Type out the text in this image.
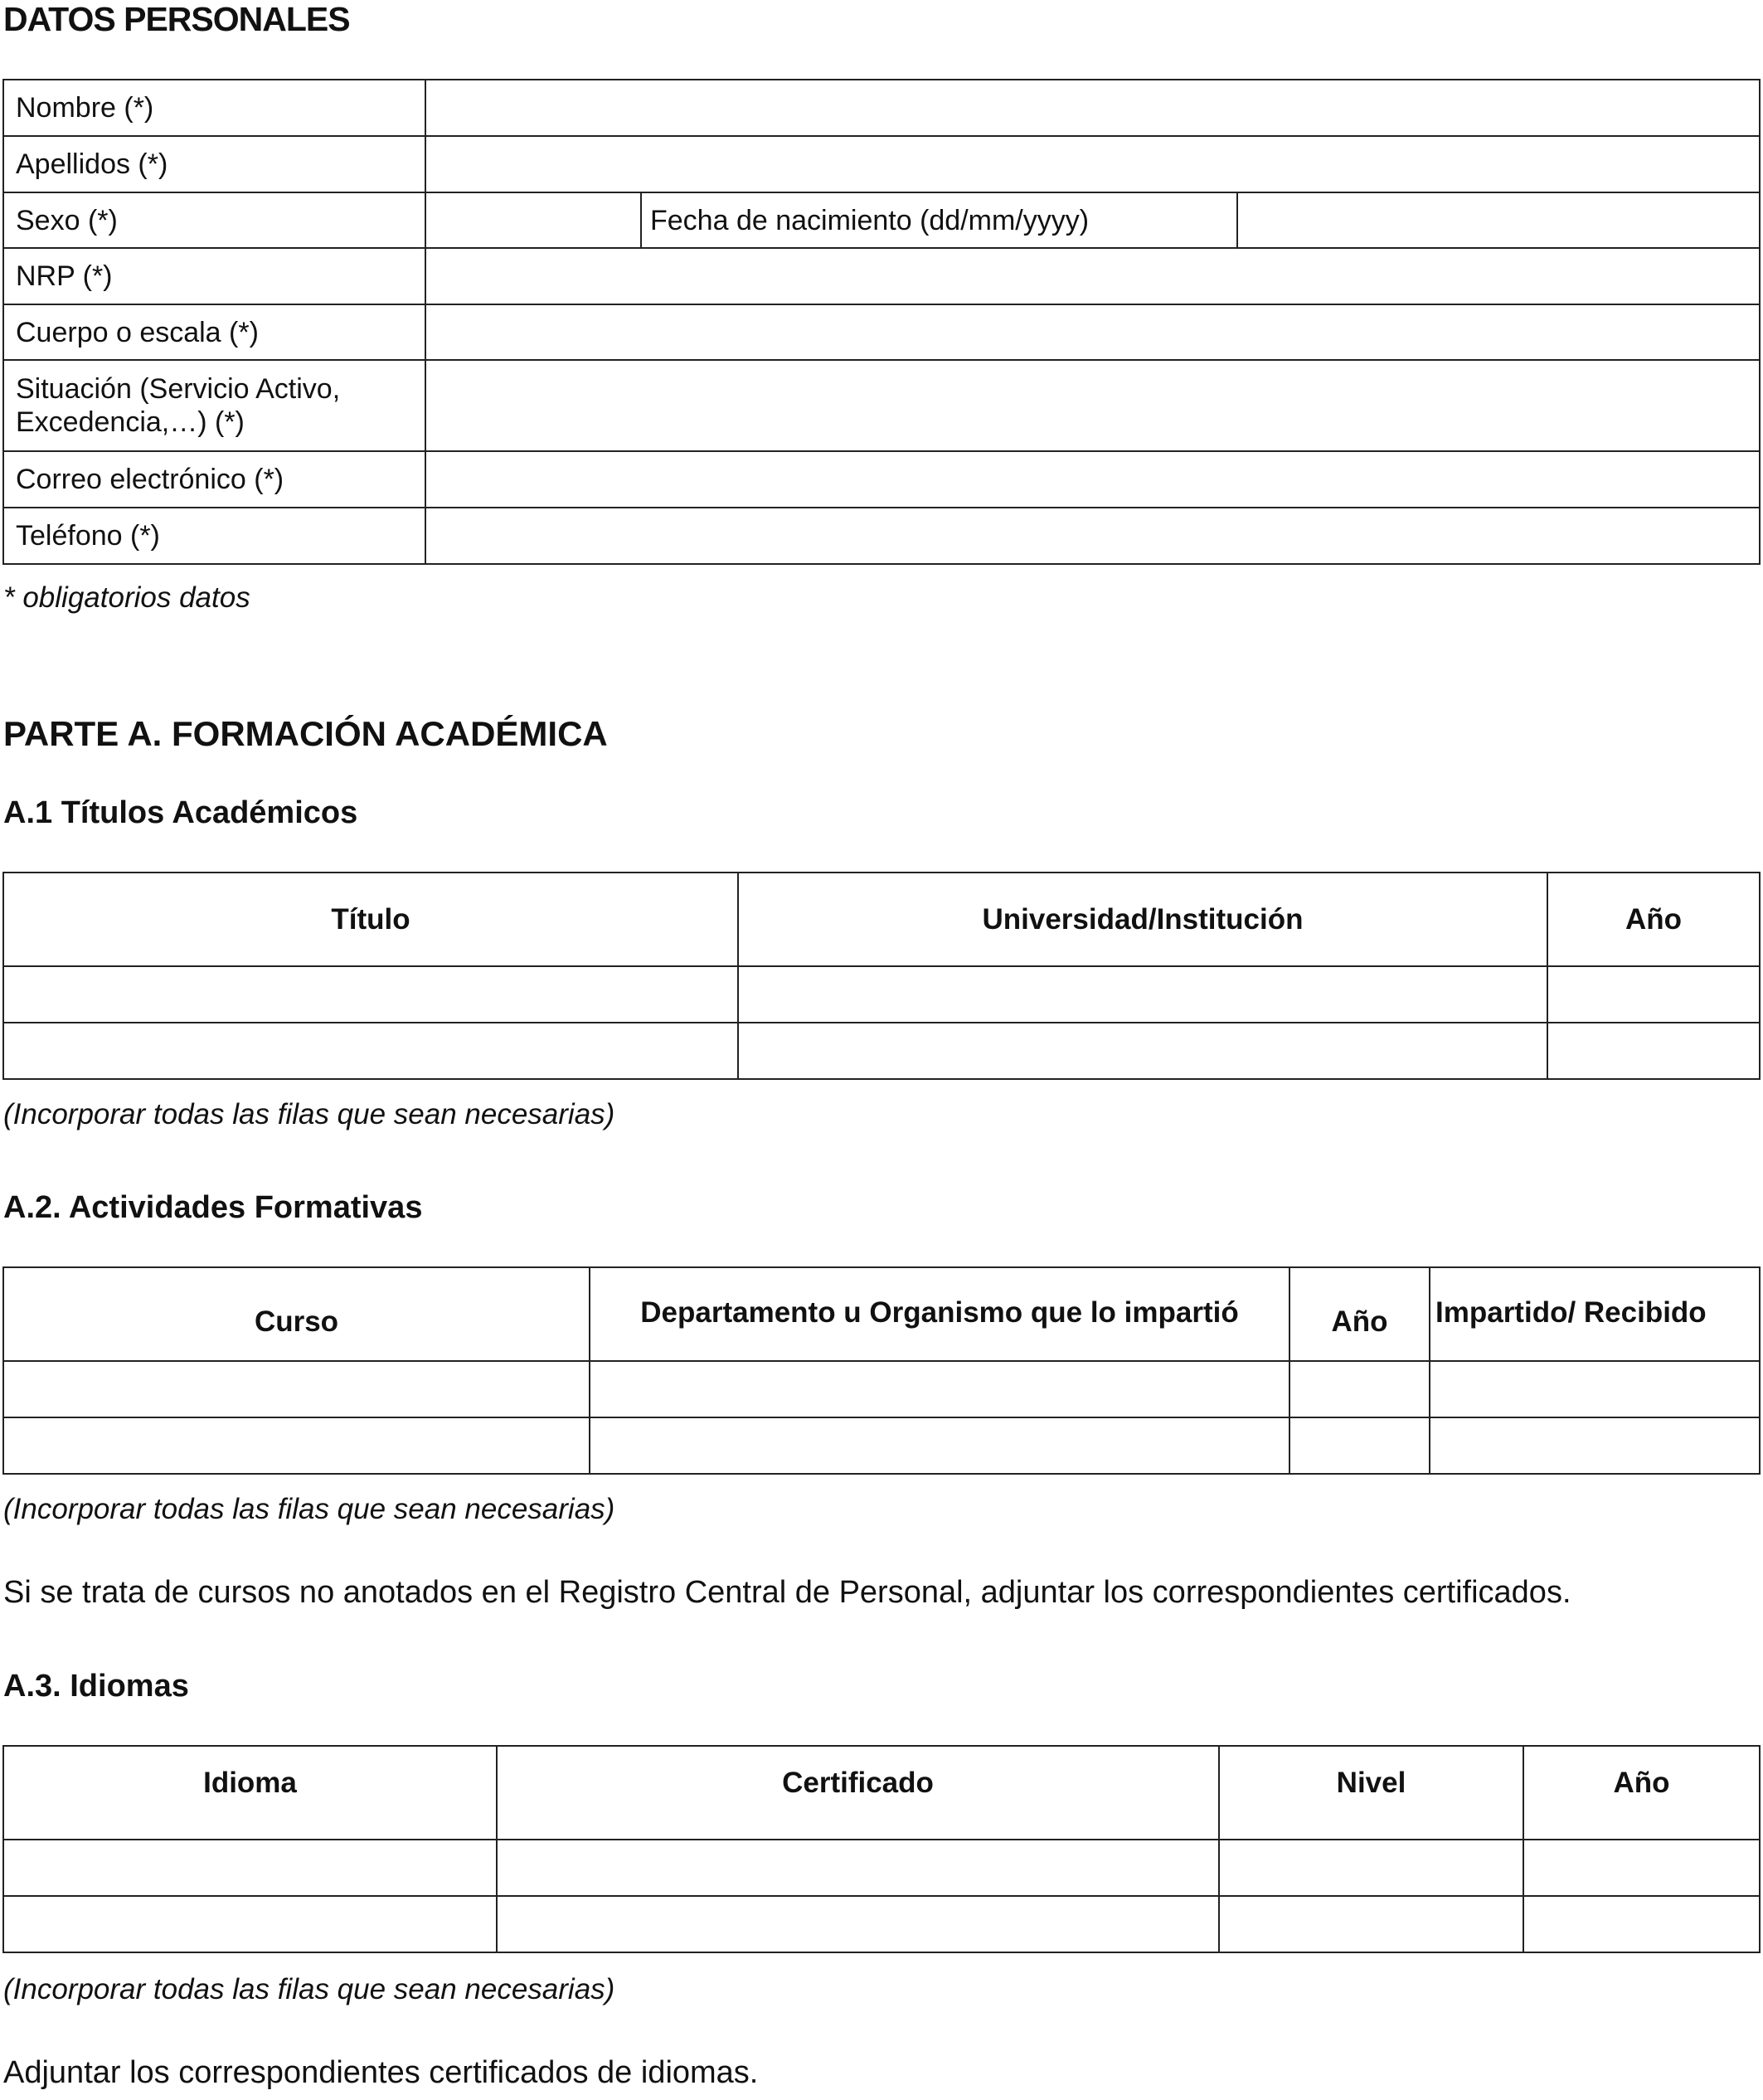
DATOS PERSONALES
Nombre (*)			
Apellidos (*)			
Sexo (*)		Fecha de nacimiento (dd/mm/yyyy)	
NRP (*)			
Cuerpo o escala (*)			

Situación (Servicio Activo,
Excedencia,…) (*)			

Correo electrónico (*)			
Teléfono (*)			
* obligatorios datos
PARTE A. FORMACIÓN ACADÉMICA
A.1 Títulos Académicos
Título	Universidad/Institución	Año

(Incorporar todas las filas que sean necesarias)
A.2. Actividades Formativas
Curso	Departamento u Organismo que lo impartió	Año	Impartido/ Recibido

(Incorporar todas las filas que sean necesarias)
Si se trata de cursos no anotados en el Registro Central de Personal, adjuntar los correspondientes certificados.
A.3. Idiomas
Idioma	Certificado	Nivel	Año

(Incorporar todas las filas que sean necesarias)
Adjuntar los correspondientes certificados de idiomas.
